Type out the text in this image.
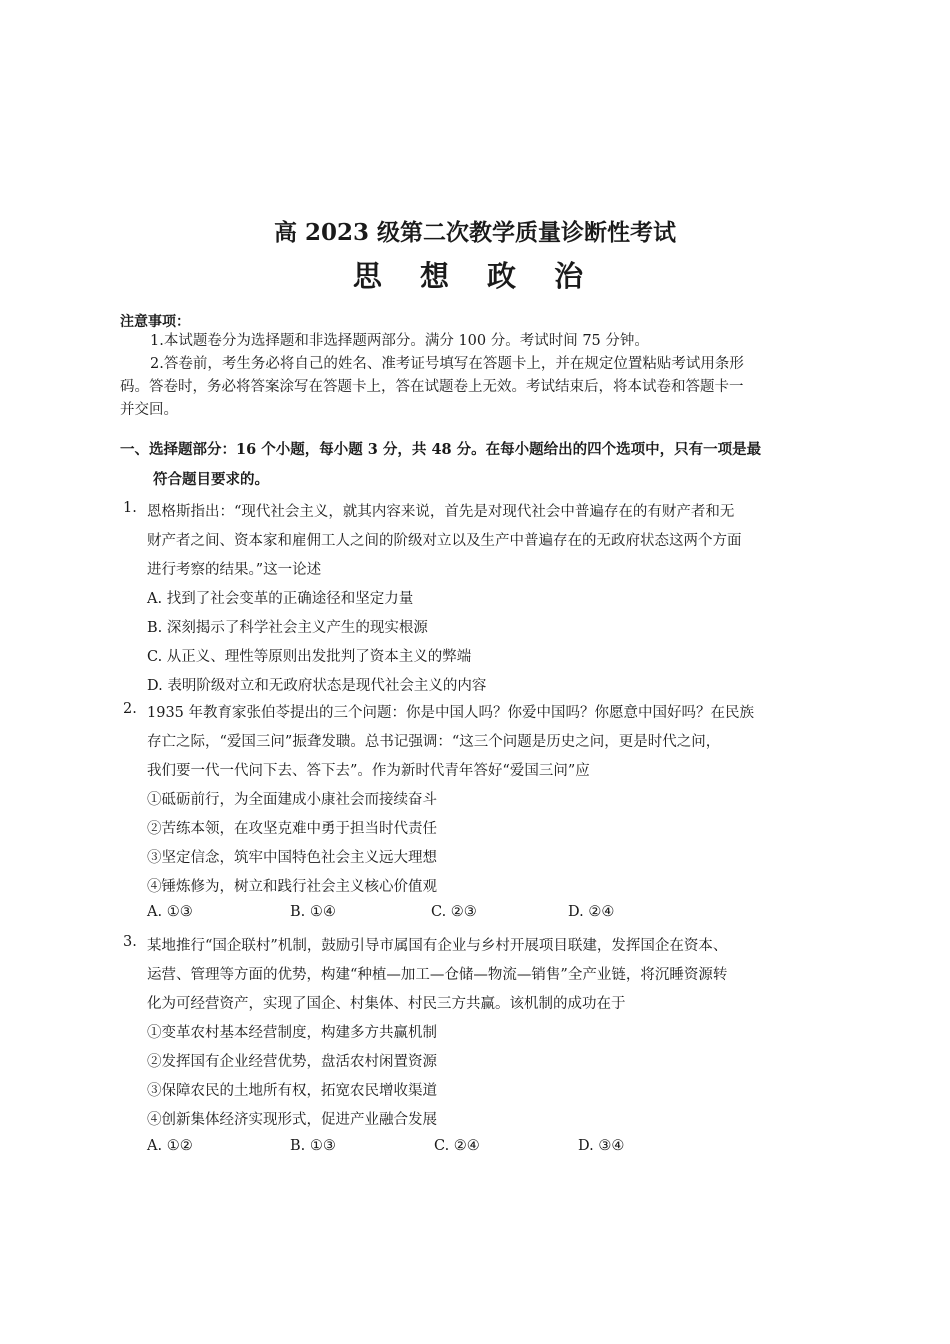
高 2023 级第二次教学质量诊断性考试
思 想 政 治
注意事项：
1.本试题卷分为选择题和非选择题两部分。满分 100 分。考试时间 75 分钟。
2.答卷前，考生务必将自己的姓名、准考证号填写在答题卡上，并在规定位置粘贴考试用条形
码。答卷时，务必将答案涂写在答题卡上，答在试题卷上无效。考试结束后，将本试卷和答题卡一
并交回。
一、选择题部分：16 个小题，每小题 3 分，共 48 分。在每小题给出的四个选项中，只有一项是最
符合题目要求的。
1. 恩格斯指出：“现代社会主义，就其内容来说，首先是对现代社会中普遍存在的有财产者和无
财产者之间、资本家和雇佣工人之间的阶级对立以及生产中普遍存在的无政府状态这两个方面
进行考察的结果。”这一论述
A. 找到了社会变革的正确途径和坚定力量
B. 深刻揭示了科学社会主义产生的现实根源
C. 从正义、理性等原则出发批判了资本主义的弊端
D. 表明阶级对立和无政府状态是现代社会主义的内容
2. 1935 年教育家张伯苓提出的三个问题：你是中国人吗？你爱中国吗？你愿意中国好吗？在民族
存亡之际，“爱国三问”振聋发聩。总书记强调：“这三个问题是历史之问，更是时代之问，
我们要一代一代问下去、答下去”。作为新时代青年答好“爱国三问”应
①砥砺前行，为全面建成小康社会而接续奋斗
②苦练本领，在攻坚克难中勇于担当时代责任
③坚定信念，筑牢中国特色社会主义远大理想
④锤炼修为，树立和践行社会主义核心价值观
A. ①③	B. ①④	C. ②③	D. ②④
3. 某地推行“国企联村”机制，鼓励引导市属国有企业与乡村开展项目联建，发挥国企在资本、
运营、管理等方面的优势，构建“种植—加工—仓储—物流—销售”全产业链，将沉睡资源转
化为可经营资产，实现了国企、村集体、村民三方共赢。该机制的成功在于
①变革农村基本经营制度，构建多方共赢机制
②发挥国有企业经营优势，盘活农村闲置资源
③保障农民的土地所有权，拓宽农民增收渠道
④创新集体经济实现形式，促进产业融合发展
A. ①②	B. ①③	C. ②④	D. ③④
